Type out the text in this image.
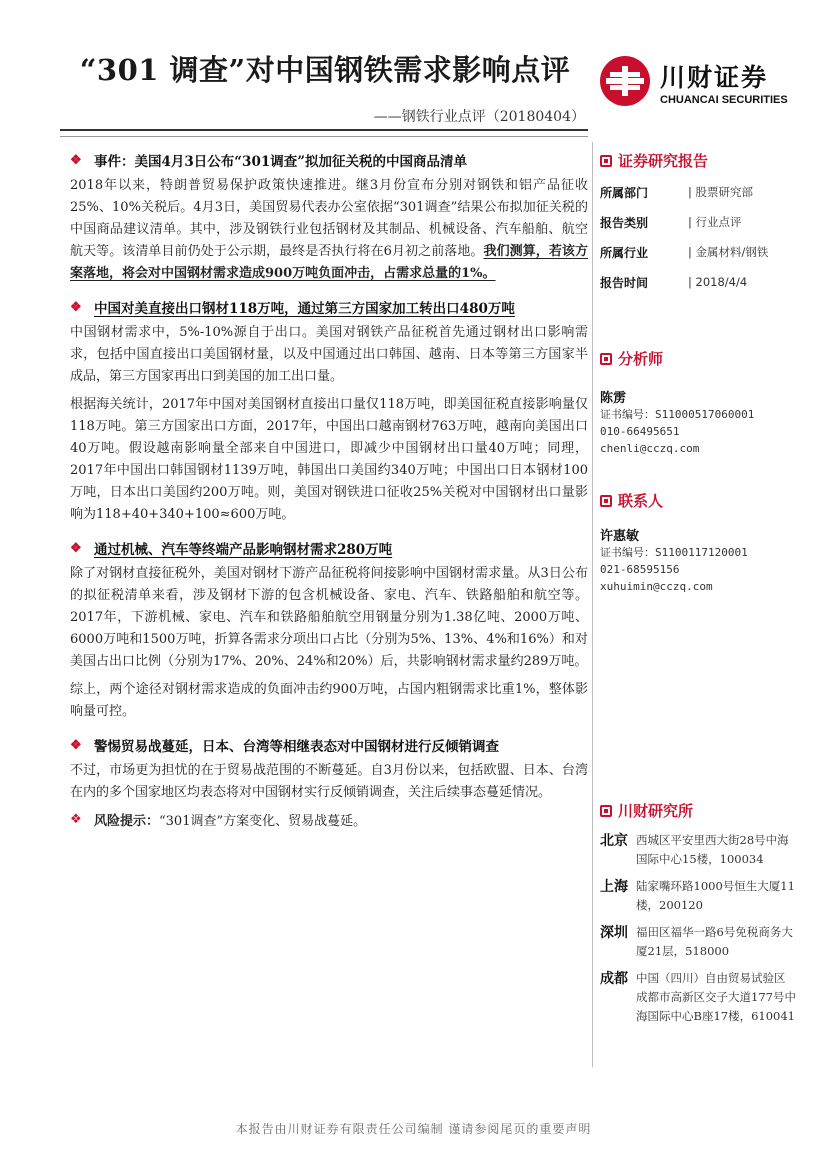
“301 调查”对中国钢铁需求影响点评
——钢铁行业点评（20180404）
川财证券
CHUANCAI SECURITIES
❖ 事件：美国4月3日公布“301调查”拟加征关税的中国商品清单

2018年以来，特朗普贸易保护政策快速推进。继3月份宣布分别对钢铁和铝产品征收25%、10%关税后。4月3日，美国贸易代表办公室依据“301调查”结果公布拟加征关税的中国商品建议清单。其中，涉及钢铁行业包括钢材及其制品、机械设备、汽车船舶、航空航天等。该清单目前仍处于公示期，最终是否执行将在6月初之前落地。我们测算，若该方案落地，将会对中国钢材需求造成900万吨负面冲击，占需求总量的1%。

❖ 中国对美直接出口钢材118万吨，通过第三方国家加工转出口480万吨

中国钢材需求中，5%-10%源自于出口。美国对钢铁产品征税首先通过钢材出口影响需求，包括中国直接出口美国钢材量，以及中国通过出口韩国、越南、日本等第三方国家半成品，第三方国家再出口到美国的加工出口量。

根据海关统计，2017年中国对美国钢材直接出口量仅118万吨，即美国征税直接影响量仅118万吨。第三方国家出口方面，2017年，中国出口越南钢材763万吨，越南向美国出口40万吨。假设越南影响量全部来自中国进口，即减少中国钢材出口量40万吨；同理，2017年中国出口韩国钢材1139万吨，韩国出口美国约340万吨；中国出口日本钢材100万吨，日本出口美国约200万吨。则，美国对钢铁进口征收25%关税对中国钢材出口量影响为118+40+340+100≈600万吨。

❖ 通过机械、汽车等终端产品影响钢材需求280万吨

除了对钢材直接征税外，美国对钢材下游产品征税将间接影响中国钢材需求量。从3日公布的拟征税清单来看，涉及钢材下游的包含机械设备、家电、汽车、铁路船舶和航空等。2017年，下游机械、家电、汽车和铁路船舶航空用钢量分别为1.38亿吨、2000万吨、6000万吨和1500万吨，折算各需求分项出口占比（分别为5%、13%、4%和16%）和对美国占出口比例（分别为17%、20%、24%和20%）后，共影响钢材需求量约289万吨。

综上，两个途径对钢材需求造成的负面冲击约900万吨，占国内粗钢需求比重1%，整体影响量可控。

❖ 警惕贸易战蔓延，日本、台湾等相继表态对中国钢材进行反倾销调查

不过，市场更为担忧的在于贸易战范围的不断蔓延。自3月份以来，包括欧盟、日本、台湾在内的多个国家地区均表态将对中国钢材实行反倾销调查，关注后续事态蔓延情况。

❖ 风险提示： “301调查”方案变化、贸易战蔓延。
证券研究报告
所属部门	| 股票研究部
报告类别	| 行业点评
所属行业	| 金属材料/钢铁
报告时间	| 2018/4/4
分析师
陈雳
证书编号：S1100051706​0001
010-66495651
chenli@cczq.com
联系人
许惠敏
证书编号：S1100117120001
021-68595156
xuhuimin@cczq.com
川财研究所
北京 西城区平安里西大街28号中海国际中心15楼，100034
上海 陆家嘴环路1000号恒生大厦11楼，200120
深圳 福田区福华一路6号免税商务大厦21层，518000
成都 中国（四川）自由贸易试验区成都市高新区交子大道177号中海国际中心B座17楼，610041
本报告由川财证券有限责任公司编制 谨请参阅尾页的重要声明
